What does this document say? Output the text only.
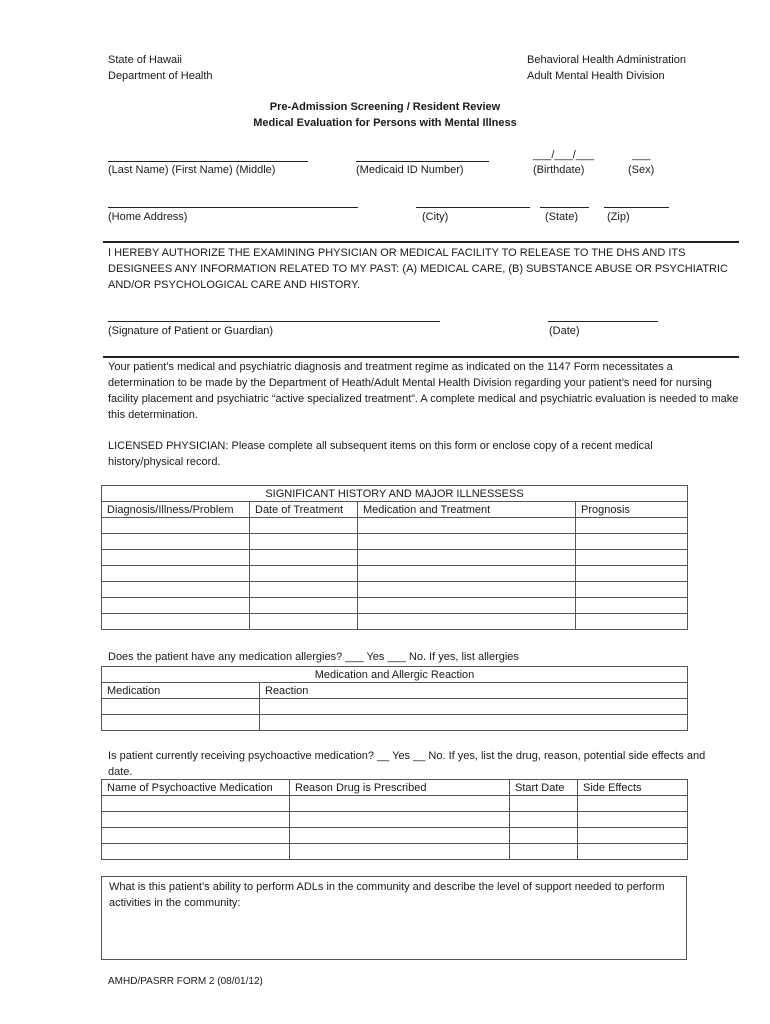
State of Hawaii
Department of Health
Behavioral Health Administration
Adult Mental Health Division
Pre-Admission Screening / Resident Review
Medical Evaluation for Persons with Mental Illness
___/___/___	___
(Last Name) (First Name) (Middle)	(Medicaid ID Number)	(Birthdate)	(Sex)
(Home Address)	(City)	(State)	(Zip)
I HEREBY AUTHORIZE THE EXAMINING PHYSICIAN OR MEDICAL FACILITY TO RELEASE TO THE DHS AND ITS DESIGNEES ANY INFORMATION RELATED TO MY PAST: (A) MEDICAL CARE, (B) SUBSTANCE ABUSE OR PSYCHIATRIC AND/OR PSYCHOLOGICAL CARE AND HISTORY.
(Signature of Patient or Guardian)	(Date)
Your patient’s medical and psychiatric diagnosis and treatment regime as indicated on the 1147 Form necessitates a determination to be made by the Department of Heath/Adult Mental Health Division regarding your patient’s need for nursing facility placement and psychiatric “active specialized treatment”. A complete medical and psychiatric evaluation is needed to make this determination.
LICENSED PHYSICIAN: Please complete all subsequent items on this form or enclose copy of a recent medical history/physical record.
SIGNIFICANT HISTORY AND MAJOR ILLNESSESS			
Diagnosis/Illness/Problem	Date of Treatment	Medication and Treatment	Prognosis

Does the patient have any medication allergies? ___ Yes ___ No. If yes, list allergies
Medication and Allergic Reaction	
Medication	Reaction

Is patient currently receiving psychoactive medication? __ Yes __ No. If yes, list the drug, reason, potential side effects and date.
Name of Psychoactive Medication	Reason Drug is Prescribed	Start Date	Side Effects

What is this patient’s ability to perform ADLs in the community and describe the level of support needed to perform activities in the community:
AMHD/PASRR FORM 2 (08/01/12)
